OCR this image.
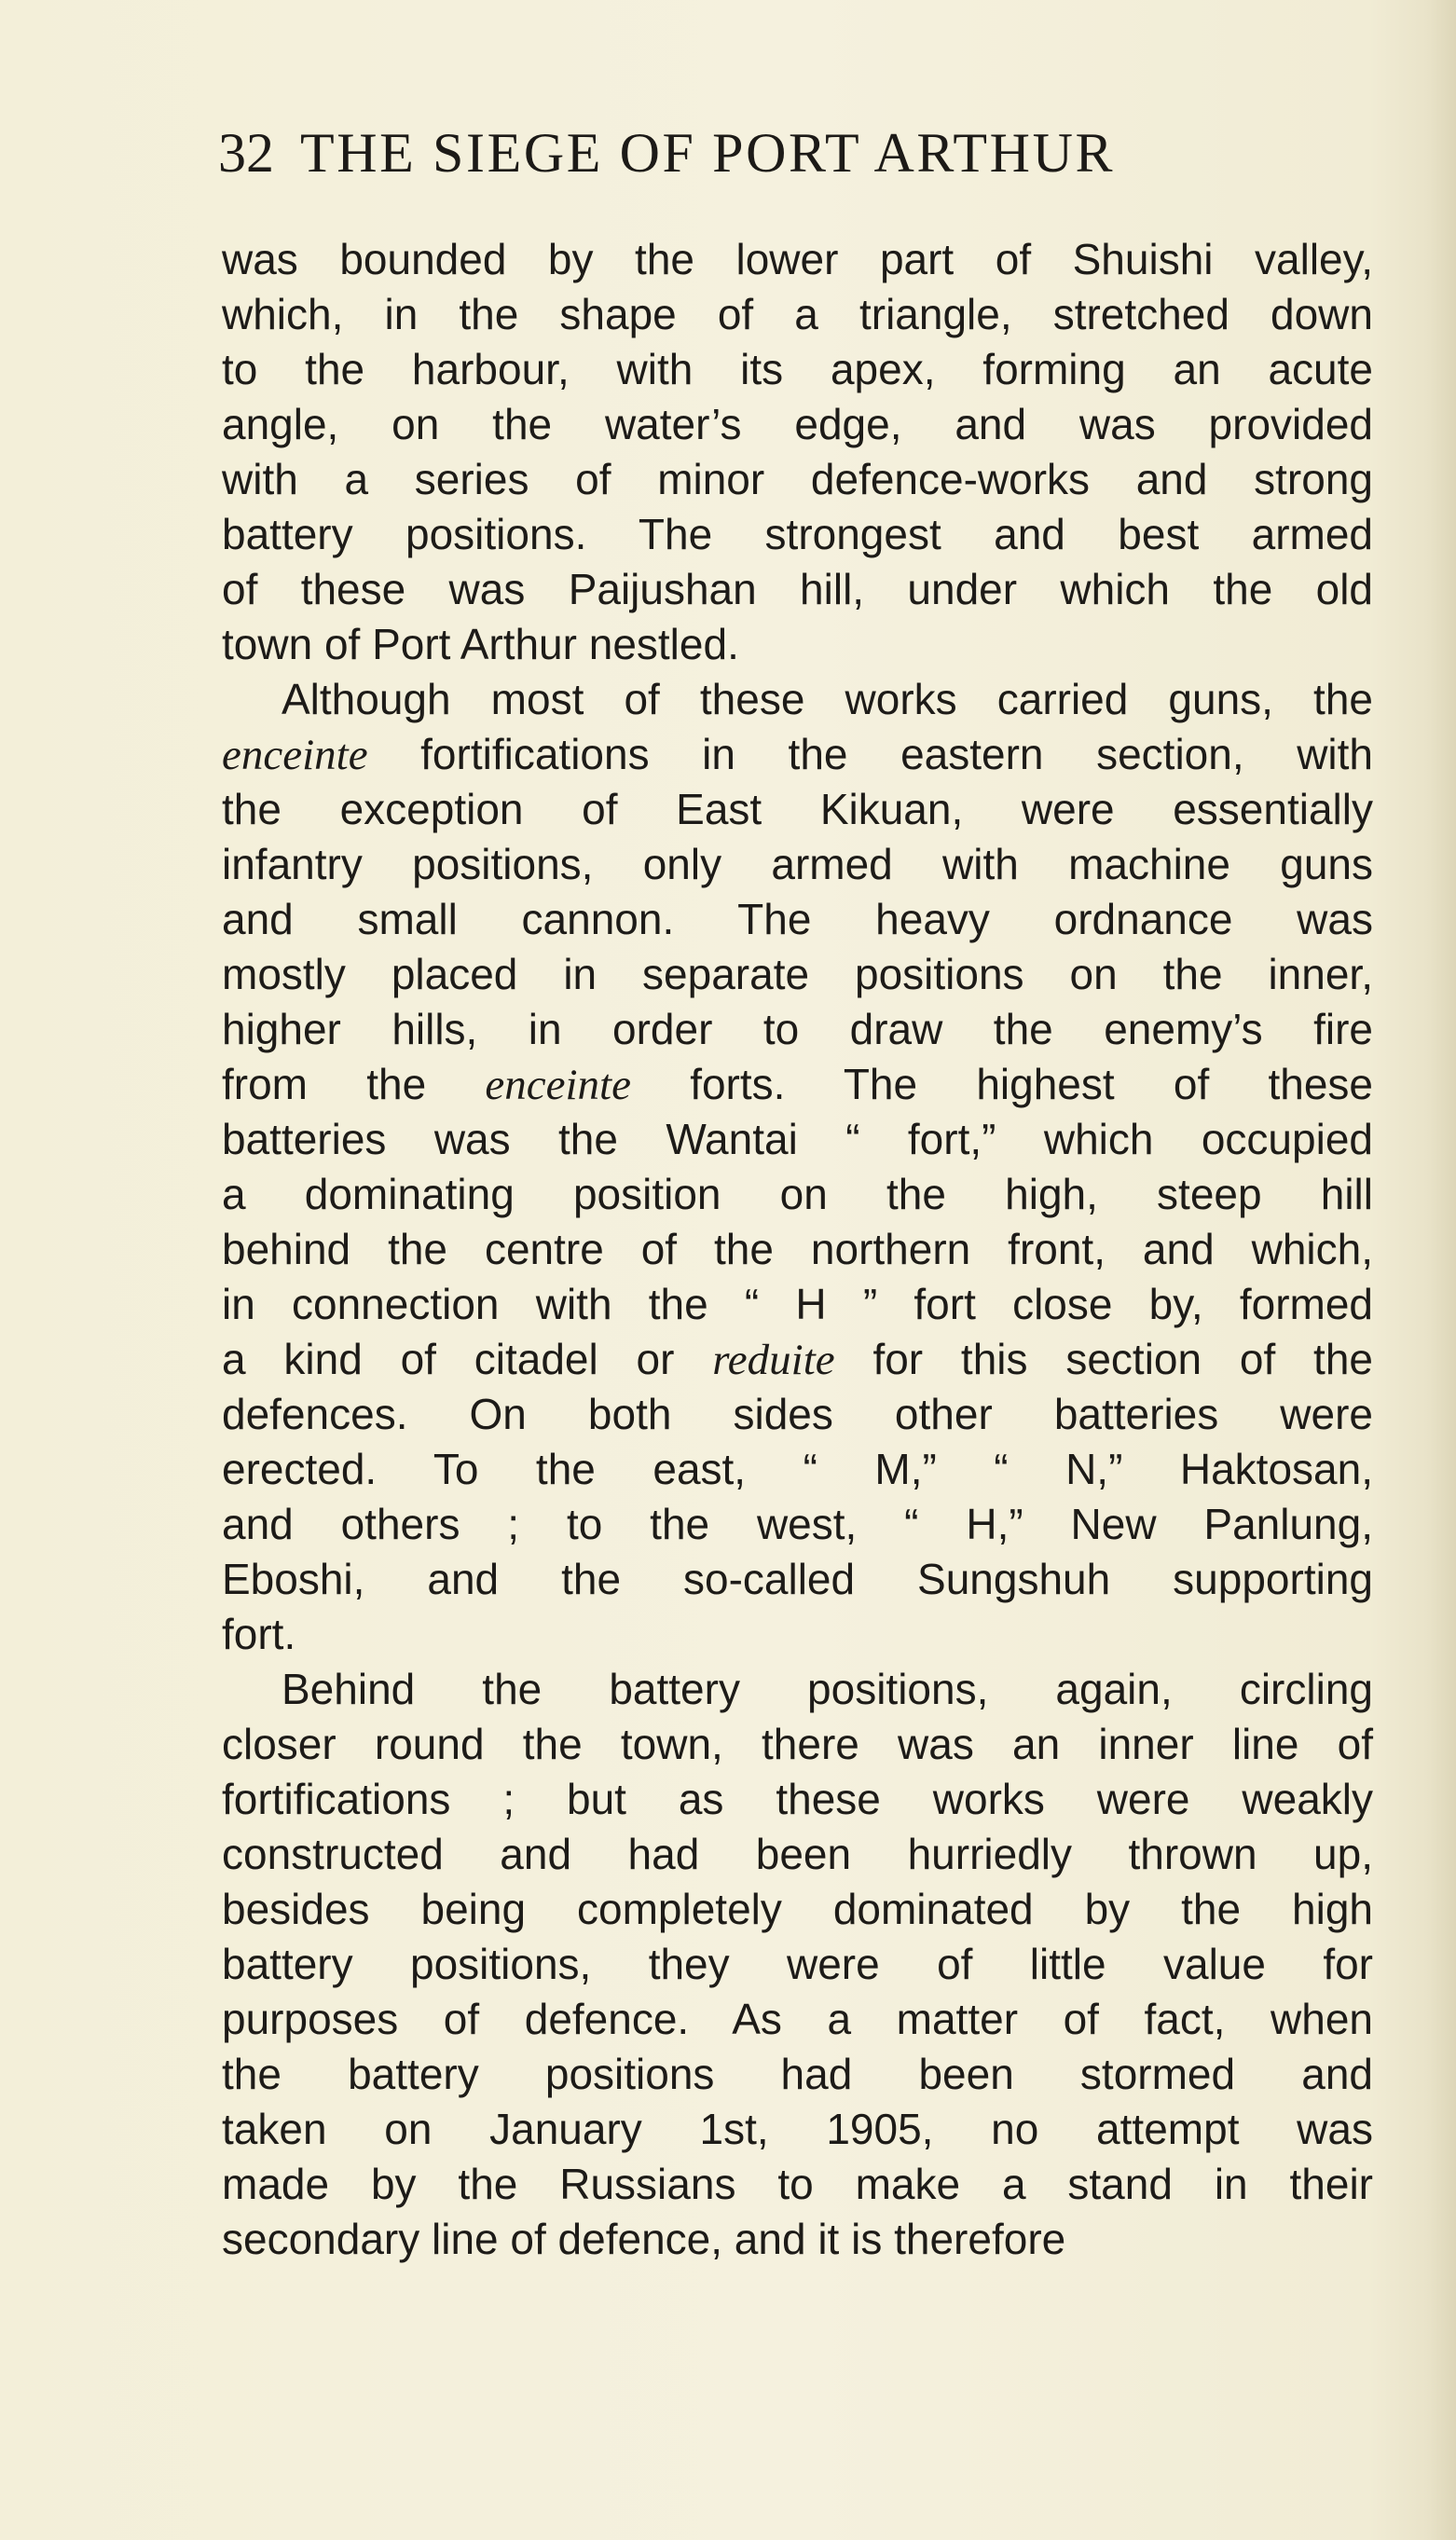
32 THE SIEGE OF PORT ARTHUR
was bounded by the lower part of Shuishi valley,
which, in the shape of a triangle, stretched down
to the harbour, with its apex, forming an acute
angle, on the water’s edge, and was provided
with a series of minor defence-works and strong
battery positions. The strongest and best armed
of these was Paijushan hill, under which the old
town of Port Arthur nestled.
Although most of these works carried guns, the
enceinte fortifications in the eastern section, with
the exception of East Kikuan, were essentially
infantry positions, only armed with machine guns
and small cannon. The heavy ordnance was
mostly placed in separate positions on the inner,
higher hills, in order to draw the enemy’s fire
from the enceinte forts. The highest of these
batteries was the Wantai “ fort,” which occupied
a dominating position on the high, steep hill
behind the centre of the northern front, and which,
in connection with the “ H ” fort close by, formed
a kind of citadel or reduite for this section of the
defences. On both sides other batteries were
erected. To the east, “ M,” “ N,” Haktosan,
and others ; to the west, “ H,” New Panlung,
Eboshi, and the so-called Sungshuh supporting
fort.
Behind the battery positions, again, circling
closer round the town, there was an inner line of
fortifications ; but as these works were weakly
constructed and had been hurriedly thrown up,
besides being completely dominated by the high
battery positions, they were of little value for
purposes of defence. As a matter of fact, when
the battery positions had been stormed and
taken on January 1st, 1905, no attempt was
made by the Russians to make a stand in their
secondary line of defence, and it is therefore
